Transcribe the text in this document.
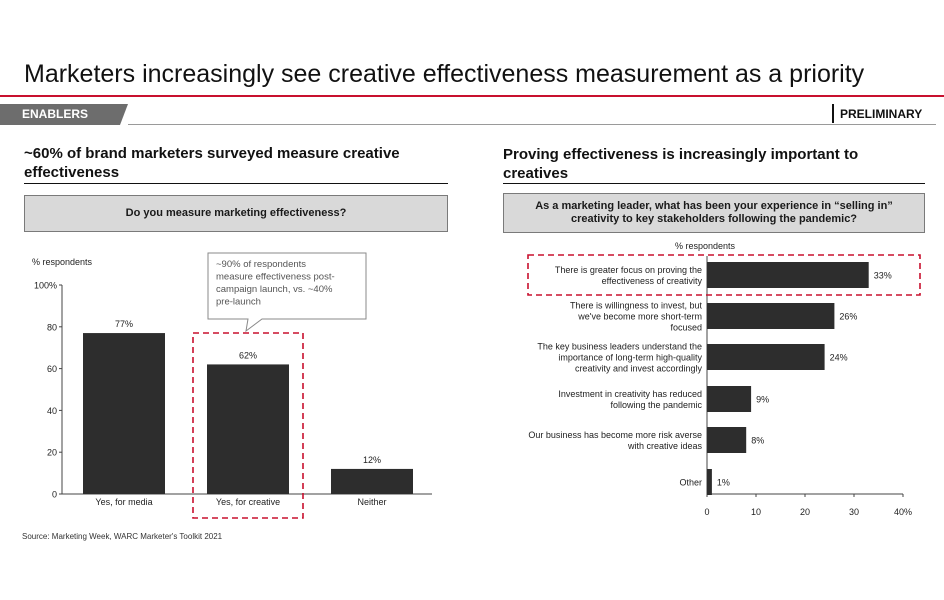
Marketers increasingly see creative effectiveness measurement as a priority
ENABLERS	PRELIMINARY
~60% of brand marketers surveyed measure creative effectiveness
Do you measure marketing effectiveness?
Proving effectiveness is increasingly important to creatives
As a marketing leader, what has been your experience in “selling in” creativity to key stakeholders following the pandemic?
% respondents
0
20
40
60
80
100%
77%
Yes, for media
62%
Yes, for creative
12%
Neither
~90% of respondents
measure effectiveness post-
campaign launch, vs. ~40%
pre-launch
% respondents
0	10	20	30	40%
33%
There is greater focus on proving the
effectiveness of creativity
26%
There is willingness to invest, but
we've become more short-term
focused
24%
The key business leaders understand the
importance of long-term high-quality
creativity and invest accordingly
9%
Investment in creativity has reduced
following the pandemic
8%
Our business has become more risk averse
with creative ideas
1%
Other
Source: Marketing Week, WARC Marketer's Toolkit 2021
